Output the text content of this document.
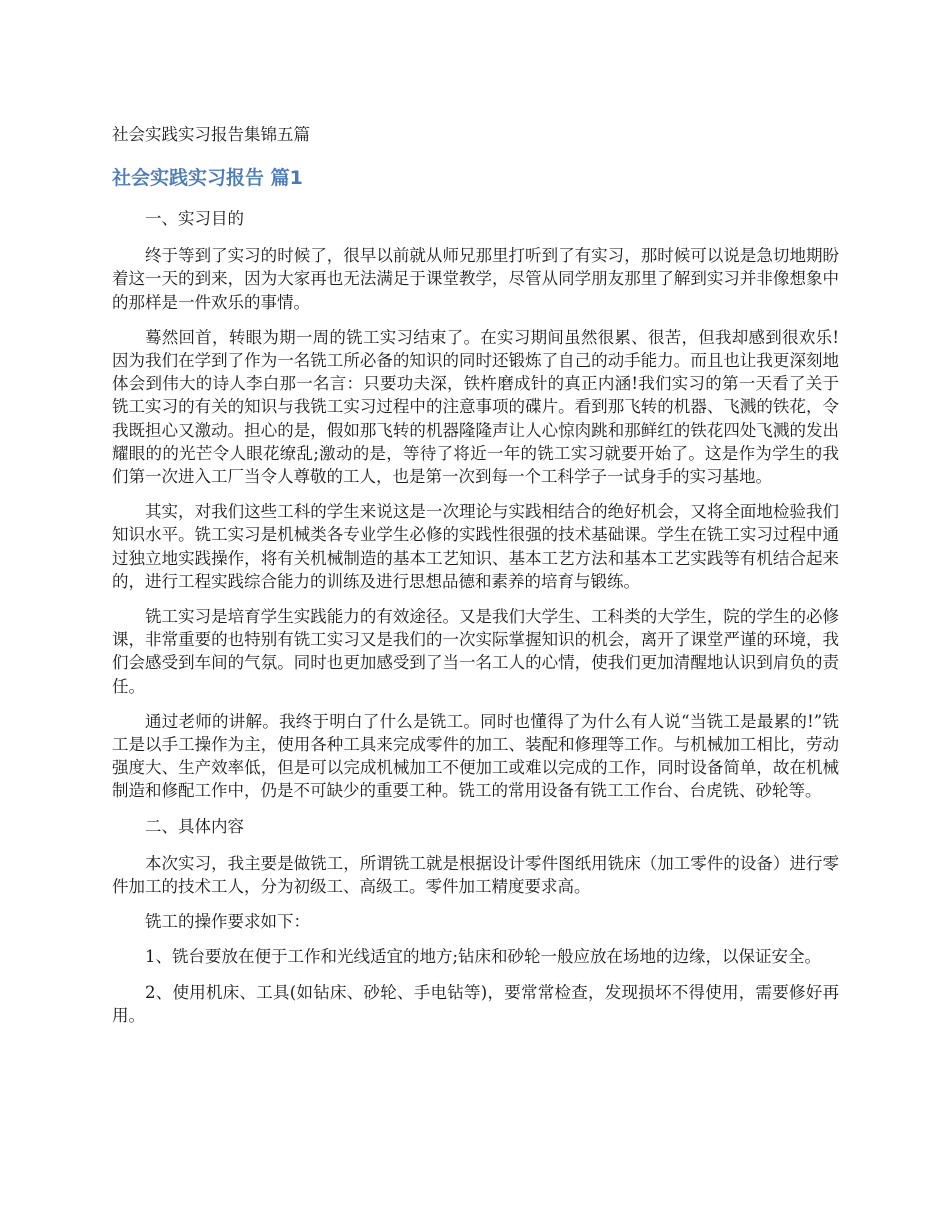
社会实践实习报告集锦五篇
社会实践实习报告 篇1

一、实习目的

终于等到了实习的时候了，很早以前就从师兄那里打听到了有实习，那时候可以说是急切地期盼着这一天的到来，因为大家再也无法满足于课堂教学，尽管从同学朋友那里了解到实习并非像想象中的那样是一件欢乐的事情。

蓦然回首，转眼为期一周的铣工实习结束了。在实习期间虽然很累、很苦，但我却感到很欢乐!因为我们在学到了作为一名铣工所必备的知识的同时还锻炼了自己的动手能力。而且也让我更深刻地体会到伟大的诗人李白那一名言：只要功夫深，铁杵磨成针的真正内涵!我们实习的第一天看了关于铣工实习的有关的知识与我铣工实习过程中的注意事项的碟片。看到那飞转的机器、飞溅的铁花，令我既担心又激动。担心的是，假如那飞转的机器隆隆声让人心惊肉跳和那鲜红的铁花四处飞溅的发出耀眼的的光芒令人眼花缭乱;激动的是，等待了将近一年的铣工实习就要开始了。这是作为学生的我们第一次进入工厂当令人尊敬的工人，也是第一次到每一个工科学子一试身手的实习基地。

其实，对我们这些工科的学生来说这是一次理论与实践相结合的绝好机会，又将全面地检验我们知识水平。铣工实习是机械类各专业学生必修的实践性很强的技术基础课。学生在铣工实习过程中通过独立地实践操作，将有关机械制造的基本工艺知识、基本工艺方法和基本工艺实践等有机结合起来的，进行工程实践综合能力的训练及进行思想品德和素养的培育与锻练。

铣工实习是培育学生实践能力的有效途径。又是我们大学生、工科类的大学生，院的学生的必修课，非常重要的也特别有铣工实习又是我们的一次实际掌握知识的机会，离开了课堂严谨的环境，我们会感受到车间的气氛。同时也更加感受到了当一名工人的心情，使我们更加清醒地认识到肩负的责任。

通过老师的讲解。我终于明白了什么是铣工。同时也懂得了为什么有人说“当铣工是最累的!”铣工是以手工操作为主，使用各种工具来完成零件的加工、装配和修理等工作。与机械加工相比，劳动强度大、生产效率低，但是可以完成机械加工不便加工或难以完成的工作，同时设备简单，故在机械制造和修配工作中，仍是不可缺少的重要工种。铣工的常用设备有铣工工作台、台虎铣、砂轮等。

二、具体内容

本次实习，我主要是做铣工，所谓铣工就是根据设计零件图纸用铣床（加工零件的设备）进行零件加工的技术工人，分为初级工、高级工。零件加工精度要求高。

铣工的操作要求如下：

1、铣台要放在便于工作和光线适宜的地方;钻床和砂轮一般应放在场地的边缘，以保证安全。

2、使用机床、工具(如钻床、砂轮、手电钻等)，要常常检查，发现损坏不得使用，需要修好再用。
